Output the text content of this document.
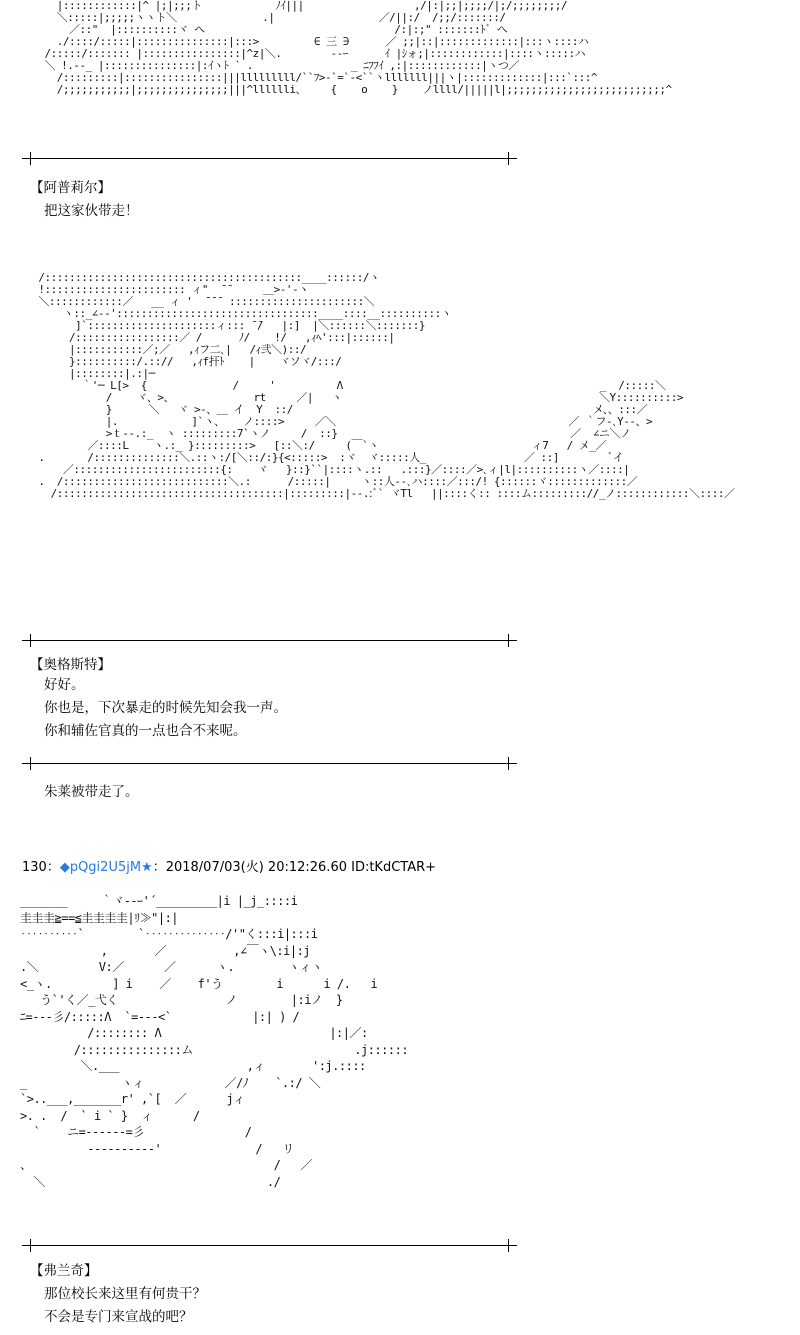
|::::::::::::|^ |;|;;;ト            ﾉｲ|||                  ,/|:|;;|;;;;/|;/;;;;;;;;/
＼:::::|;;;;;ヽヽト＼              .|                 ／/||:/  /;;/:::::::/
／::"  |::::::::::ヾ ヘ                               /:|:;" :::::::ﾄﾞ ヘ
./::::/:::::|:::::::::::::::|:::>         ∈ 三 ∋      ／ ;;|::|:::::::::::::|:::ヽ::::ハ
/:::::/::::::: |::::::::::::::::|^z|＼.        ‐‐ｰ      ｲ |ｼォ;|::::::::::::|::::ヽ:::::ハ
＼ !.‐-_ |:::::::::::::::|:ｲヽﾄ ` .                _ ﾆﾌﾌｲ ,:|::::::::::::|ヽつ／
/:::::::::|::::::::::::::::|||lllllllll/``ﾌ>-`=`-<``ヽlllllll|||ヽ|:::::::::::::|:::`:::^
/;;;;;;;;;;;|;;;;;;;;;;;;;;;|||^lllllli、    {    o    }    ノllll/|||||l|;;;;;;;;;;;;;;;;;;;;;;;;;;^
【阿普莉尔】
把这家伙带走！
/::::::::::::::::::::::::::::::::::::::::::____::::::/ヽ
!::::::::::::::::::::::: ィ"  ̄ ̄      ＿>-'-ヽ
＼::::::::::::／   __ ィ '  ̄ ̄ ̄  ::::::::::::::::::::::＼
ヽ::_∠-‐':::::::::::::::::::::::::::::::::____::::__::::::::::ヽ
]`:::::::::::::::::::::ィ::: ̄ ̄/   |:]  |＼::::::＼:::::::}
/:::::::::::::::::／ /      ﾉ/    !/   ,ｨﾍ':::|::::::|
|:::::::::::／;／   ,ｨフ二､|   /ｨ弐＼)::/
}::::::::::/.:://   ,ｨf扞ﾄ    |    ヾソヾ/:::/
|::::::::|.:|─
｀'─ L[>  {              /     '          Λ                                          _  /:::::＼
/    ヾ、>、             rt     ／|   ヽ                                          ＼Y::::::::::>
}      ＼   ヾ >-、＿ イ  Y  ::/                                                 メ、、:::／
|.            ]`ヽ、   ノ::::>     ／＼                                      ／ ｀フ‐､Y‐-、>
>ｔ‐-.:_  ヽ :::::::::7`ヽノ     /  ::}                                      ／  ∠ニ＼ノ
／::::L    ヽ.:_ }:::::::::>   [::＼:/     (￣`ヽ                         ィ7   / メ_／
.       /::::::::::::::＼.::ヽ:/[＼::/:}{<:::::>  :ヾ  ヾ:::::人_                ／ ::]        ﾞイ
／::::::::::::::::::::::::{:    ヾ   }::}``|::::ヽ.::   .:::}／::::／>､ィ|l|::::::::::ヽ／::::|
.  /:::::::::::::::::::::::::::＼.:      /:::::|     ヽ::人--､ハ::::／:::/! {::::::ヾ:::::::::::::／
/:::::::::::::::::::::::::::::::::::::|:::::::::|--.:ﾞ` ヾTl   ||::::く:: ::::ム::::::::://_ノ::::::::::::＼::::／
【奥格斯特】
好好。
你也是，下次暴走的时候先知会我一声。
你和辅佐官真的一点也合不来呢。
朱莱被带走了。
130：◆pQgi2U5jM★：2018/07/03(火) 20:12:26.60 ID:tKdCTAR+
_______     ｀ヾ‐‐ｰ'´_________|i |_j_::::i
圭圭圭≧==≦圭圭圭圭|ﾘ≫"|:|
‥‥‥‥‥`        `‥‥‥‥‥‥‥/'"く:::i|:::i
,       ／          ,∠￣ヽ\:i|:j
.＼         V:／      ／      ヽ.        ヽィヽ
<_ヽ.         ] i    ／    f'う        i      i /.   i
う`'く／_弋く                ノ        |:iノ  }
ﾆ=-‐‐彡/:::::Λ  `=‐‐‐<`            |:| ) /
/:::::::: Λ                         |:|／:
/:::::::::::::::ム                        .j::::::
＼.___                   ,ィ       ':j.::::
_              ヽィ            ／/ﾉ    `.:/ ＼
`>..___,_______r' ,`[  ／      jィ
>. .  /  ` i ` }  ィ      /
`    ニ=‐‐‐‐‐‐=彡               /
‐‐‐‐‐‐‐‐‐‐'              /   リ
、                                    /   ／
＼                                 ./
【弗兰奇】
那位校长来这里有何贵干？
不会是专门来宣战的吧？
